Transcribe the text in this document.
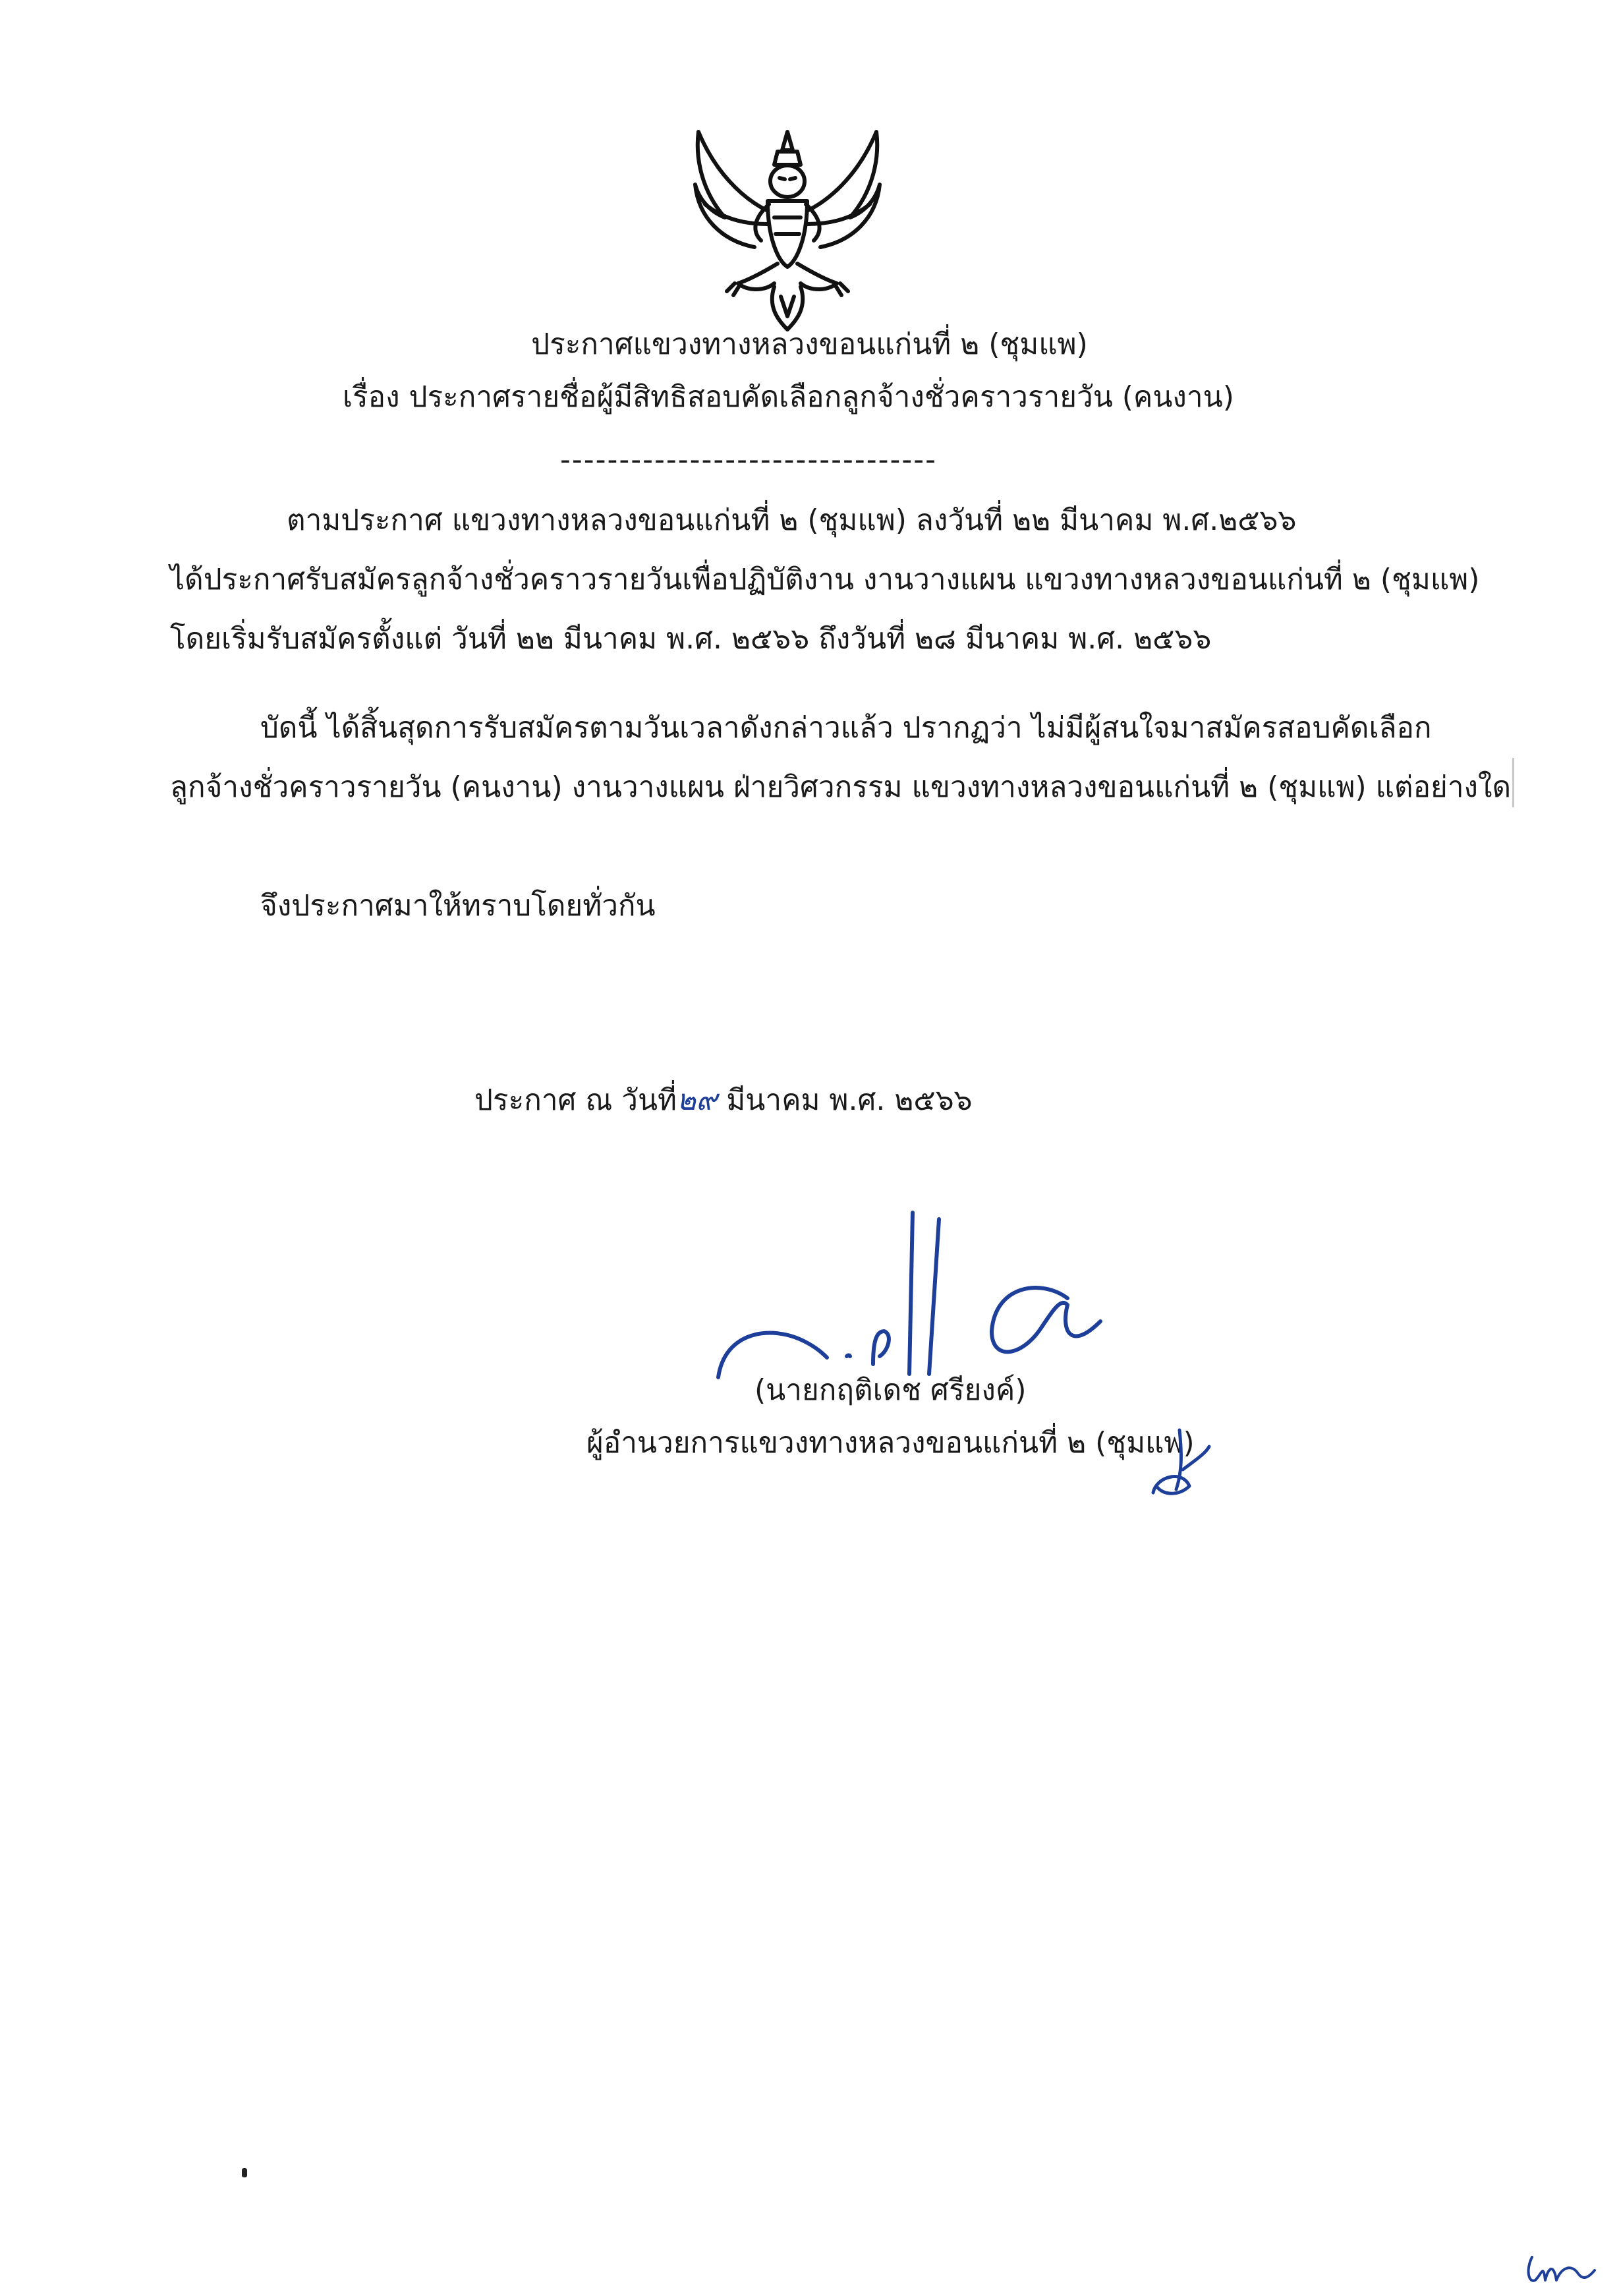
ประกาศแขวงทางหลวงขอนแก่นที่ ๒ (ชุมแพ)

เรื่อง ประกาศรายชื่อผู้มีสิทธิสอบคัดเลือกลูกจ้างชั่วคราวรายวัน (คนงาน)

--------------------------------

ตามประกาศ แขวงทางหลวงขอนแก่นที่ ๒ (ชุมแพ) ลงวันที่ ๒๒ มีนาคม พ.ศ.๒๕๖๖

ได้ประกาศรับสมัครลูกจ้างชั่วคราวรายวันเพื่อปฏิบัติงาน งานวางแผน แขวงทางหลวงขอนแก่นที่ ๒ (ชุมแพ)

โดยเริ่มรับสมัครตั้งแต่ วันที่ ๒๒ มีนาคม พ.ศ. ๒๕๖๖ ถึงวันที่ ๒๘ มีนาคม พ.ศ. ๒๕๖๖

บัดนี้ ได้สิ้นสุดการรับสมัครตามวันเวลาดังกล่าวแล้ว ปรากฏว่า ไม่มีผู้สนใจมาสมัครสอบคัดเลือก

ลูกจ้างชั่วคราวรายวัน (คนงาน) งานวางแผน ฝ่ายวิศวกรรม แขวงทางหลวงขอนแก่นที่ ๒ (ชุมแพ) แต่อย่างใด

จึงประกาศมาให้ทราบโดยทั่วกัน

ประกาศ ณ วันที่๒๙ มีนาคม พ.ศ. ๒๕๖๖

(นายกฤติเดช ศรียงค์)

ผู้อำนวยการแขวงทางหลวงขอนแก่นที่ ๒ (ชุมแพ)
